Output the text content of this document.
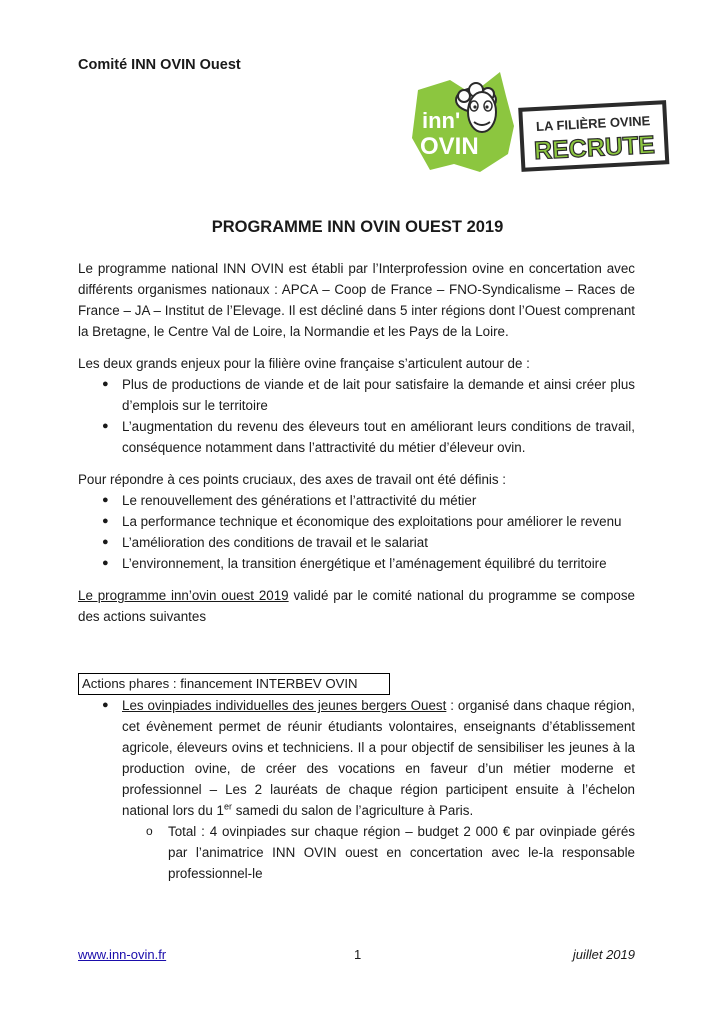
Comité INN OVIN Ouest
inn'
OVIN
LA FILIÈRE OVINE
RECRUTE
PROGRAMME INN OVIN OUEST 2019

Le programme national INN OVIN est établi par l’Interprofession ovine en concertation avec différents organismes nationaux : APCA – Coop de France – FNO-Syndicalisme – Races de France – JA – Institut de l’Elevage. Il est décliné dans 5 inter régions dont l’Ouest comprenant la Bretagne, le Centre Val de Loire, la Normandie et les Pays de la Loire.

Les deux grands enjeux pour la filière ovine française s’articulent autour de :

● Plus de productions de viande et de lait pour satisfaire la demande et ainsi créer plus d’emplois sur le territoire
● L’augmentation du revenu des éleveurs tout en améliorant leurs conditions de travail, conséquence notamment dans l’attractivité du métier d’éleveur ovin.

Pour répondre à ces points cruciaux, des axes de travail ont été définis :

● Le renouvellement des générations et l’attractivité du métier
● La performance technique et économique des exploitations pour améliorer le revenu
● L’amélioration des conditions de travail et le salariat
● L’environnement, la transition énergétique et l’aménagement équilibré du territoire

Le programme inn’ovin ouest 2019 validé par le comité national du programme se compose des actions suivantes

Actions phares : financement INTERBEV OVIN
● Les ovinpiades individuelles des jeunes bergers Ouest : organisé dans chaque région, cet évènement permet de réunir étudiants volontaires, enseignants d’établissement agricole, éleveurs ovins et techniciens. Il a pour objectif de sensibiliser les jeunes à la production ovine, de créer des vocations en faveur d’un métier moderne et professionnel – Les 2 lauréats de chaque région participent ensuite à l’échelon national lors du 1er samedi du salon de l’agriculture à Paris.
o Total : 4 ovinpiades sur chaque région – budget 2 000 € par ovinpiade gérés par l’animatrice INN OVIN ouest en concertation avec le-la responsable professionnel-le
www.inn-ovin.fr	1	juillet 2019
